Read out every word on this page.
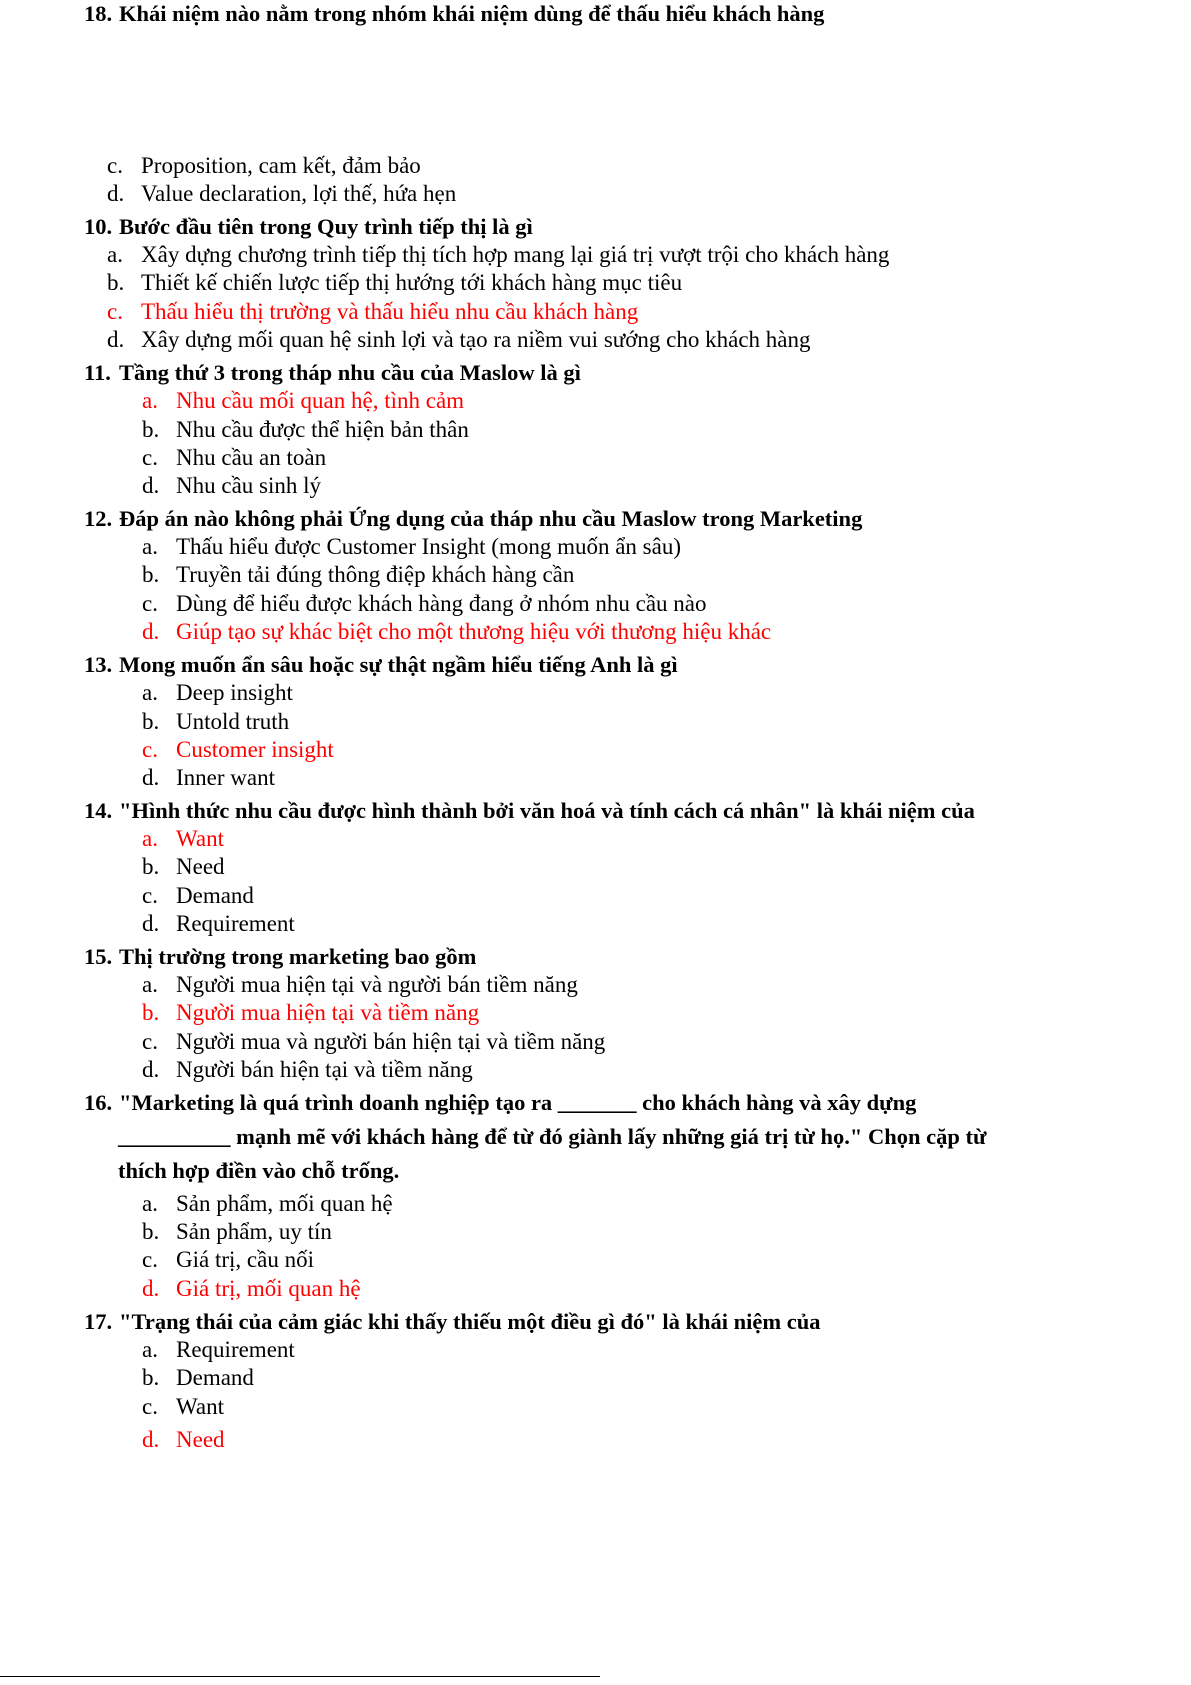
c. Proposition, cam kết, đảm bảo
d. Value declaration, lợi thế, hứa hẹn
10. Bước đầu tiên trong Quy trình tiếp thị là gì
a. Xây dựng chương trình tiếp thị tích hợp mang lại giá trị vượt trội cho khách hàng
b. Thiết kế chiến lược tiếp thị hướng tới khách hàng mục tiêu
c. Thấu hiểu thị trường và thấu hiểu nhu cầu khách hàng
d. Xây dựng mối quan hệ sinh lợi và tạo ra niềm vui sướng cho khách hàng
11. Tầng thứ 3 trong tháp nhu cầu của Maslow là gì
a. Nhu cầu mối quan hệ, tình cảm
b. Nhu cầu được thể hiện bản thân
c. Nhu cầu an toàn
d. Nhu cầu sinh lý
12. Đáp án nào không phải Ứng dụng của tháp nhu cầu Maslow trong Marketing
a. Thấu hiểu được Customer Insight (mong muốn ẩn sâu)
b. Truyền tải đúng thông điệp khách hàng cần
c. Dùng để hiểu được khách hàng đang ở nhóm nhu cầu nào
d. Giúp tạo sự khác biệt cho một thương hiệu với thương hiệu khác
13. Mong muốn ẩn sâu hoặc sự thật ngầm hiểu tiếng Anh là gì
a. Deep insight
b. Untold truth
c. Customer insight
d. Inner want
14. "Hình thức nhu cầu được hình thành bởi văn hoá và tính cách cá nhân" là khái niệm của
a. Want
b. Need
c. Demand
d. Requirement
15. Thị trường trong marketing bao gồm
a. Người mua hiện tại và người bán tiềm năng
b. Người mua hiện tại và tiềm năng
c. Người mua và người bán hiện tại và tiềm năng
d. Người bán hiện tại và tiềm năng
16. "Marketing là quá trình doanh nghiệp tạo ra _______ cho khách hàng và xây dựng
__________ mạnh mẽ với khách hàng để từ đó giành lấy những giá trị từ họ." Chọn cặp từ
thích hợp điền vào chỗ trống.
a. Sản phẩm, mối quan hệ
b. Sản phẩm, uy tín
c. Giá trị, cầu nối
d. Giá trị, mối quan hệ
17. "Trạng thái của cảm giác khi thấy thiếu một điều gì đó" là khái niệm của
a. Requirement
b. Demand
c. Want
d. Need
18. Khái niệm nào nằm trong nhóm khái niệm dùng để thấu hiểu khách hàng
